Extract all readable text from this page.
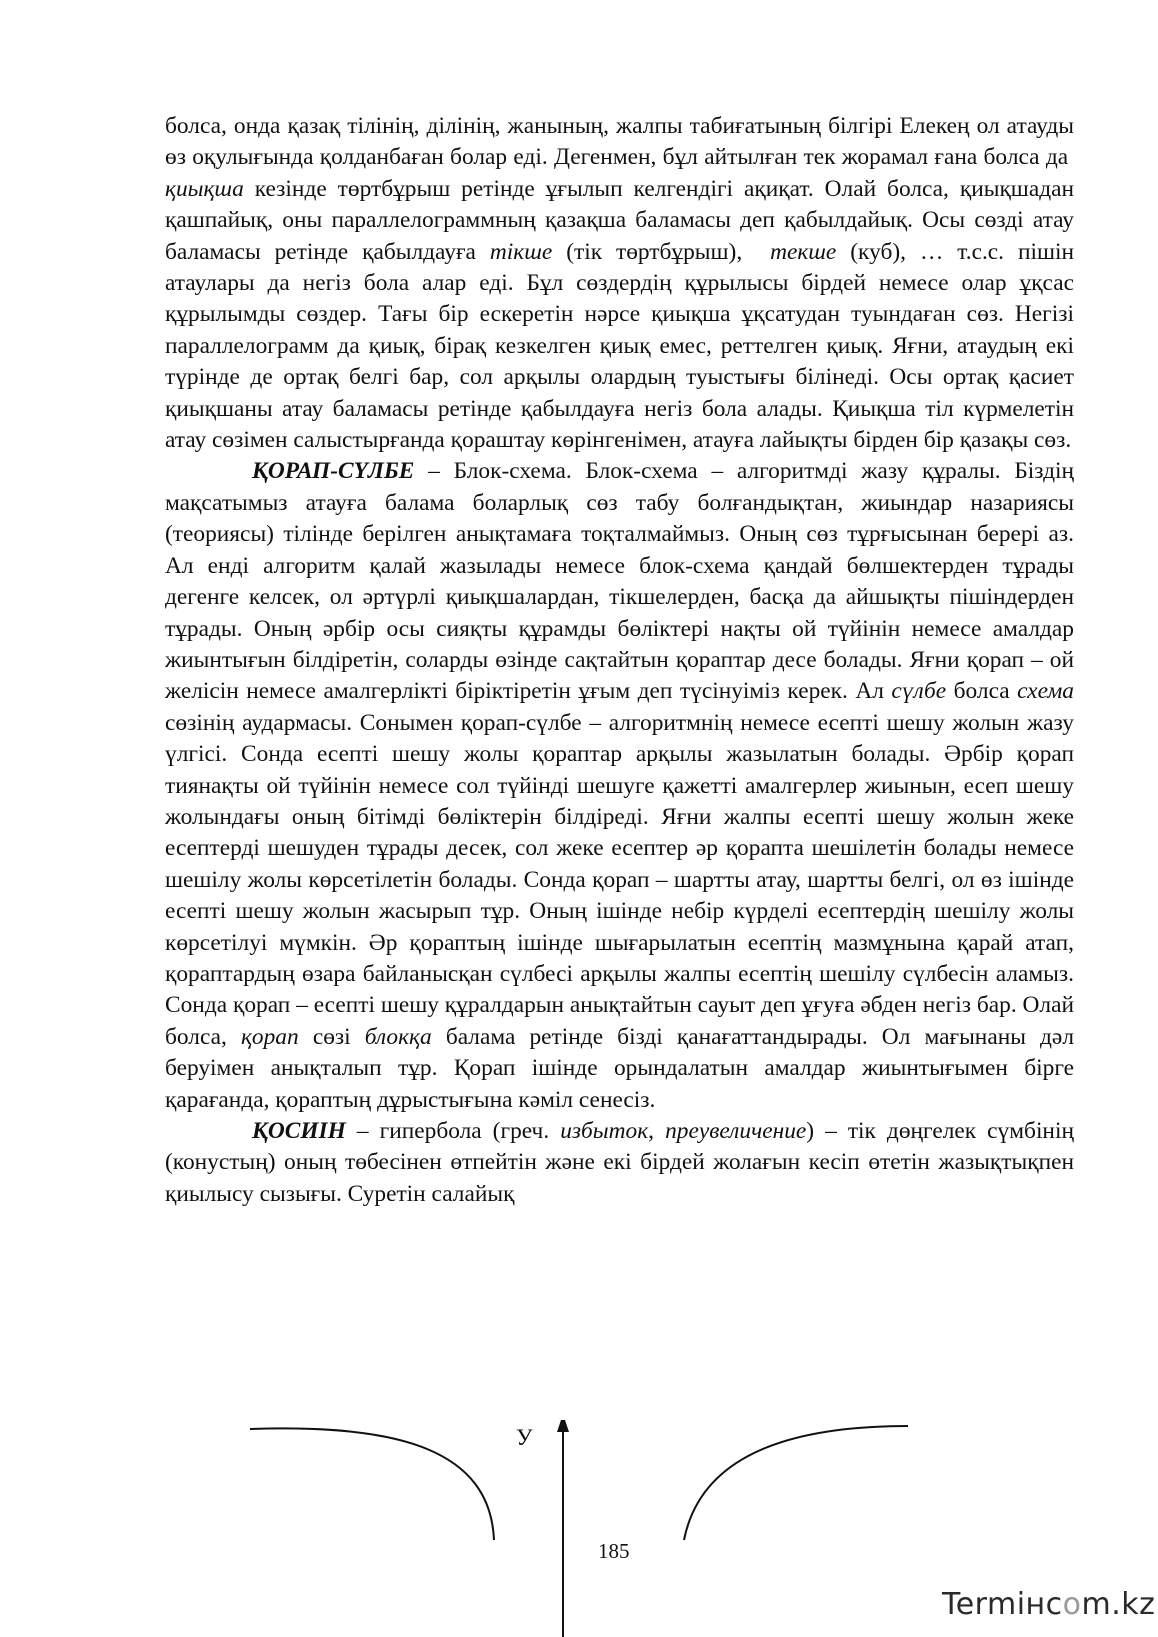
болса, онда қазақ тілінің, ділінің, жанының, жалпы табиғатының білгірі Елекең ол атауды өз оқулығында қолданбаған болар еді. Дегенмен, бұл айтылған тек жорамал ғана болса да  қиықша кезінде төртбұрыш ретінде ұғылып келгендігі ақиқат. Олай болса, қиықшадан қашпайық, оны параллелограммның қазақша баламасы деп қабылдайық. Осы сөзді атау баламасы ретінде қабылдауға тікше (тік төртбұрыш), текше (куб), … т.с.с. пішін атаулары да негіз бола алар еді. Бұл сөздердің құрылысы бірдей немесе олар ұқсас құрылымды сөздер. Тағы бір ескеретін нәрсе қиықша ұқсатудан туындаған сөз. Негізі параллелограмм да қиық, бірақ кезкелген қиық емес, реттелген қиық. Яғни, атаудың екі түрінде де ортақ белгі бар, сол арқылы олардың туыстығы білінеді. Осы ортақ қасиет қиықшаны атау баламасы ретінде қабылдауға негіз бола алады. Қиықша тіл күрмелетін атау сөзімен салыстырғанда қораштау көрінгенімен, атауға лайықты бірден бір қазақы сөз.

ҚОРАП-СҮЛБЕ – Блок-схема. Блок-схема – алгоритмді жазу құралы. Біздің мақсатымыз атауға балама боларлық сөз табу болғандықтан, жиындар назариясы (теориясы) тілінде берілген анықтамаға тоқталмаймыз. Оның сөз тұрғысынан берері аз. Ал енді алгоритм қалай жазылады немесе блок-схема қандай бөлшектерден тұрады дегенге келсек, ол әртүрлі қиықшалардан, тікшелерден, басқа да айшықты пішіндерден тұрады. Оның әрбір осы сияқты құрамды бөліктері нақты ой түйінін немесе амалдар жиынтығын білдіретін, соларды өзінде сақтайтын қораптар десе болады. Яғни қорап – ой желісін немесе амалгерлікті біріктіретін ұғым деп түсінуіміз керек. Ал сүлбе болса схема сөзінің аудармасы. Сонымен қорап-сүлбе – алгоритмнің немесе есепті шешу жолын жазу үлгісі. Сонда есепті шешу жолы қораптар арқылы жазылатын болады. Әрбір қорап тиянақты ой түйінін немесе сол түйінді шешуге қажетті амалгерлер жиынын, есеп шешу жолындағы оның бітімді бөліктерін білдіреді. Яғни жалпы есепті шешу жолын жеке есептерді шешуден тұрады десек, сол жеке есептер әр қорапта шешілетін болады немесе шешілу жолы көрсетілетін болады. Сонда қорап – шартты атау, шартты белгі, ол өз ішінде есепті шешу жолын жасырып тұр. Оның ішінде небір күрделі есептердің шешілу жолы көрсетілуі мүмкін. Әр қораптың ішінде шығарылатын есептің мазмұнына қарай атап, қораптардың өзара байланысқан сүлбесі арқылы жалпы есептің шешілу сүлбесін аламыз. Сонда қорап – есепті шешу құралдарын анықтайтын сауыт деп ұғуға әбден негіз бар. Олай болса, қорап сөзі блокқа балама ретінде бізді қанағаттандырады. Ол мағынаны дәл беруімен анықталып тұр. Қорап ішінде орындалатын амалдар жиынтығымен бірге қарағанда, қораптың дұрыстығына кәміл сенесіз.

ҚОСИІН – гипербола (греч. избыток, преувеличение) – тік дөңгелек сүмбінің (конустың) оның төбесінен өтпейтін және екі бірдей жолағын кесіп өтетін жазықтықпен қиылысу сызығы. Суретін салайық

У
185
Termінcоm.kz
